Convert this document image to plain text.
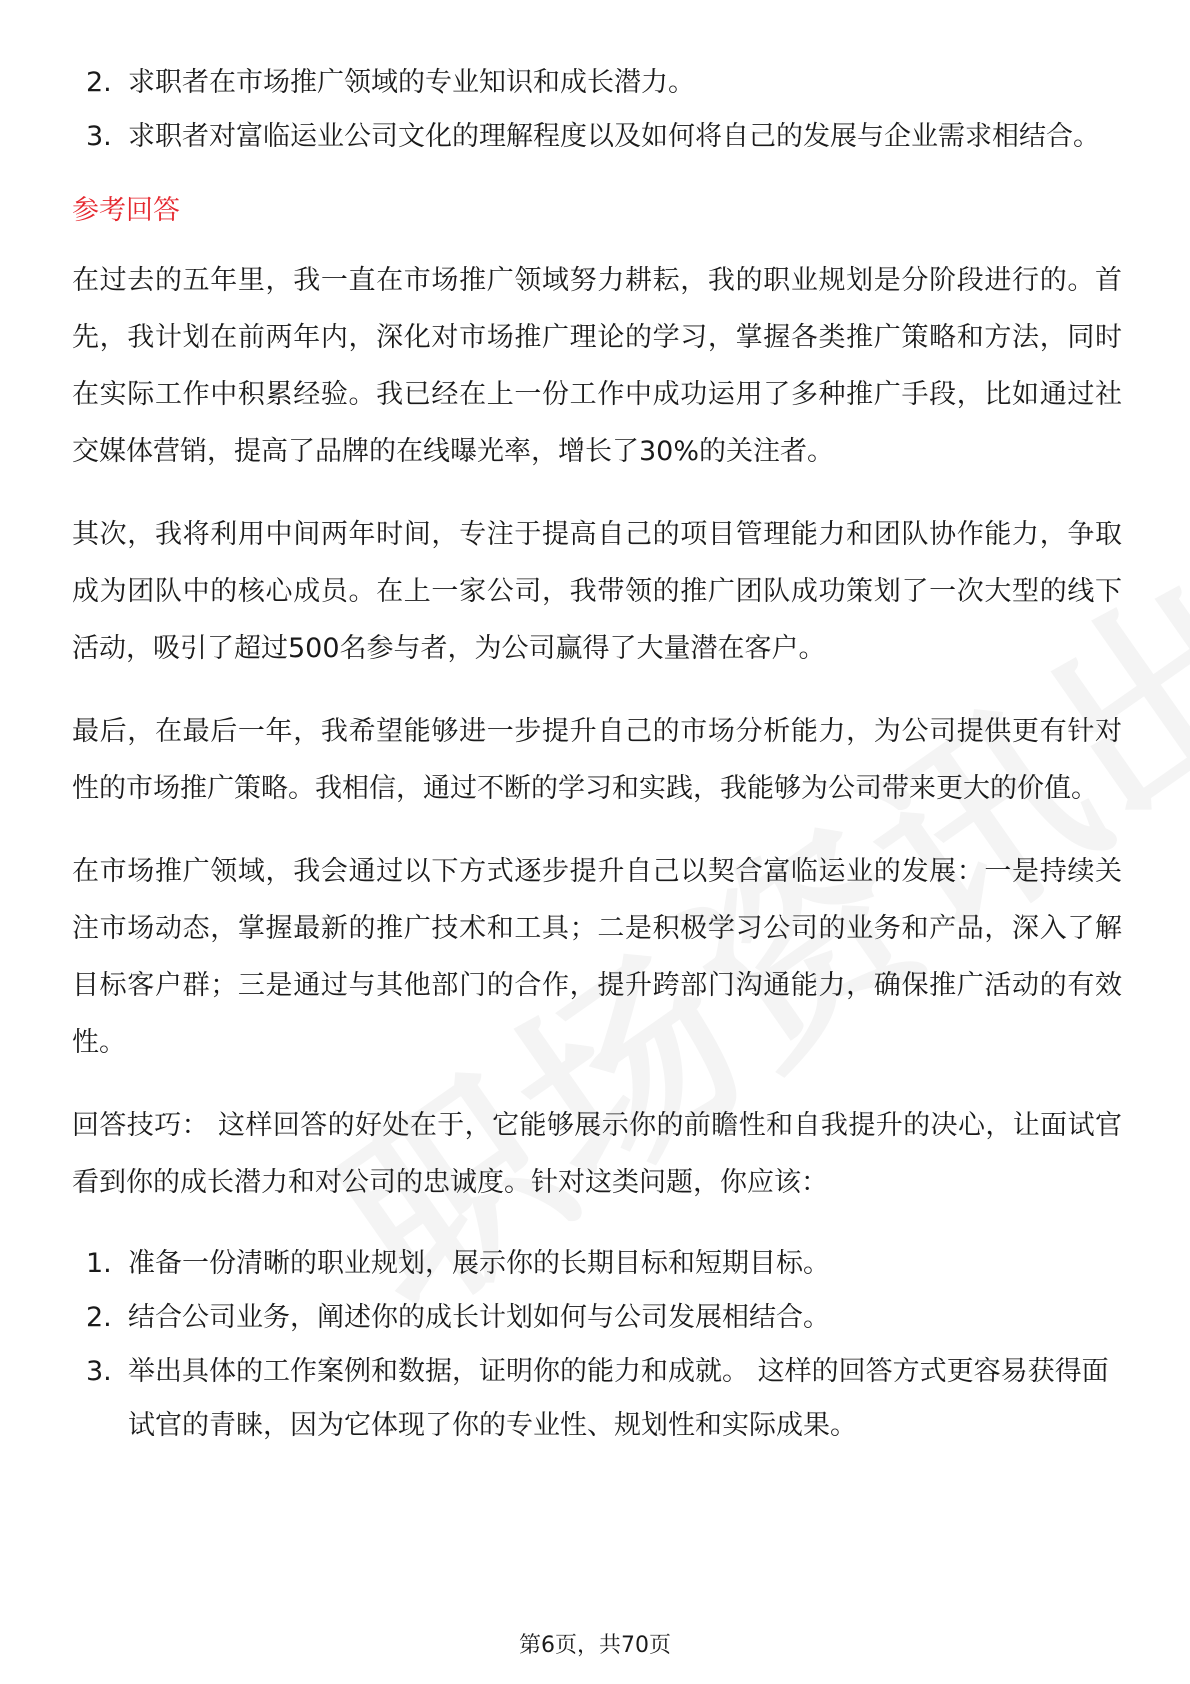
2. 求职者在市场推广领域的专业知识和成长潜力。
3. 求职者对富临运业公司文化的理解程度以及如何将自己的发展与企业需求相结合。
参考回答

在过去的五年里，我一直在市场推广领域努力耕耘，我的职业规划是分阶段进行的。首先，我计划在前两年内，深化对市场推广理论的学习，掌握各类推广策略和方法，同时在实际工作中积累经验。我已经在上一份工作中成功运用了多种推广手段，比如通过社交媒体营销，提高了品牌的在线曝光率，增长了30%的关注者。

其次，我将利用中间两年时间，专注于提高自己的项目管理能力和团队协作能力，争取成为团队中的核心成员。在上一家公司，我带领的推广团队成功策划了一次大型的线下活动，吸引了超过500名参与者，为公司赢得了大量潜在客户。

最后，在最后一年，我希望能够进一步提升自己的市场分析能力，为公司提供更有针对性的市场推广策略。我相信，通过不断的学习和实践，我能够为公司带来更大的价值。

在市场推广领域，我会通过以下方式逐步提升自己以契合富临运业的发展：一是持续关注市场动态，掌握最新的推广技术和工具；二是积极学习公司的业务和产品，深入了解目标客户群；三是通过与其他部门的合作，提升跨部门沟通能力，确保推广活动的有效性。

回答技巧： 这样回答的好处在于，它能够展示你的前瞻性和自我提升的决心，让面试官看到你的成长潜力和对公司的忠诚度。针对这类问题，你应该：

1. 准备一份清晰的职业规划，展示你的长期目标和短期目标。
2. 结合公司业务，阐述你的成长计划如何与公司发展相结合。
3. 举出具体的工作案例和数据，证明你的能力和成就。 这样的回答方式更容易获得面试官的青睐，因为它体现了你的专业性、规划性和实际成果。
第6页，共70页
